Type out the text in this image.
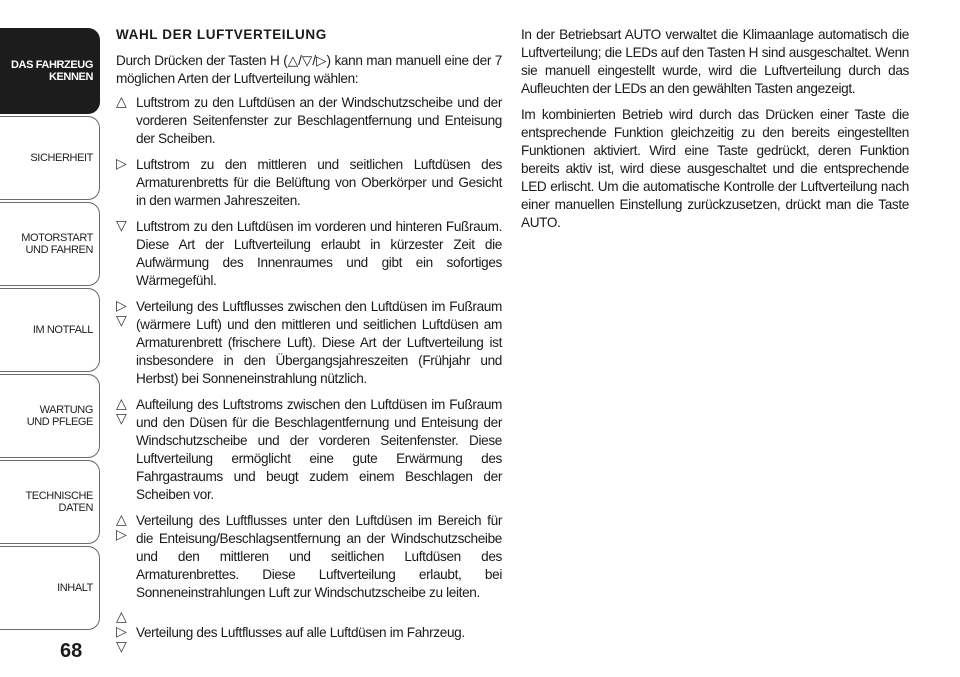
DAS FAHRZEUG
KENNEN
SICHERHEIT
MOTORSTART
UND FAHREN
IM NOTFALL
WARTUNG
UND PFLEGE
TECHNISCHE
DATEN
INHALT
68
WAHL DER LUFTVERTEILUNG

Durch Drücken der Tasten H (△/▽/▷) kann man manuell eine der 7 möglichen Arten der Luftverteilung wählen:

△ Luftstrom zu den Luftdüsen an der Windschutzscheibe und der vorderen Seitenfenster zur Beschlagentfernung und Enteisung der Scheiben.
▷ Luftstrom zu den mittleren und seitlichen Luftdüsen des Armaturenbretts für die Belüftung von Oberkörper und Gesicht in den warmen Jahreszeiten.
▽ Luftstrom zu den Luftdüsen im vorderen und hinteren Fußraum. Diese Art der Luftverteilung erlaubt in kürzester Zeit die Aufwärmung des Innenraumes und gibt ein sofortiges Wärmegefühl.
▷
▽
Verteilung des Luftflusses zwischen den Luftdüsen im Fußraum (wärmere Luft) und den mittleren und seitlichen Luftdüsen am Armaturenbrett (frischere Luft). Diese Art der Luftverteilung ist insbesondere in den Übergangsjahreszeiten (Frühjahr und Herbst) bei Sonneneinstrahlung nützlich.
△
▽
Aufteilung des Luftstroms zwischen den Luftdüsen im Fußraum und den Düsen für die Beschlagentfernung und Enteisung der Windschutzscheibe und der vorderen Seitenfenster. Diese Luftverteilung ermöglicht eine gute Erwärmung des Fahrgastraums und beugt zudem einem Beschlagen der Scheiben vor.
△
▷
Verteilung des Luftflusses unter den Luftdüsen im Bereich für die Enteisung/Beschlagsentfernung an der Windschutzscheibe und den mittleren und seitlichen Luftdüsen des Armaturenbrettes. Diese Luftverteilung erlaubt, bei Sonneneinstrahlungen Luft zur Windschutzscheibe zu leiten.
△
▷
▽
Verteilung des Luftflusses auf alle Luftdüsen im Fahrzeug.

In der Betriebsart AUTO verwaltet die Klimaanlage automatisch die Luftverteilung; die LEDs auf den Tasten H sind ausgeschaltet. Wenn sie manuell eingestellt wurde, wird die Luftverteilung durch das Aufleuchten der LEDs an den gewählten Tasten angezeigt.

Im kombinierten Betrieb wird durch das Drücken einer Taste die entsprechende Funktion gleichzeitig zu den bereits eingestellten Funktionen aktiviert. Wird eine Taste gedrückt, deren Funktion bereits aktiv ist, wird diese ausgeschaltet und die entsprechende LED erlischt. Um die automatische Kontrolle der Luftverteilung nach einer manuellen Einstellung zurückzusetzen, drückt man die Taste AUTO.
